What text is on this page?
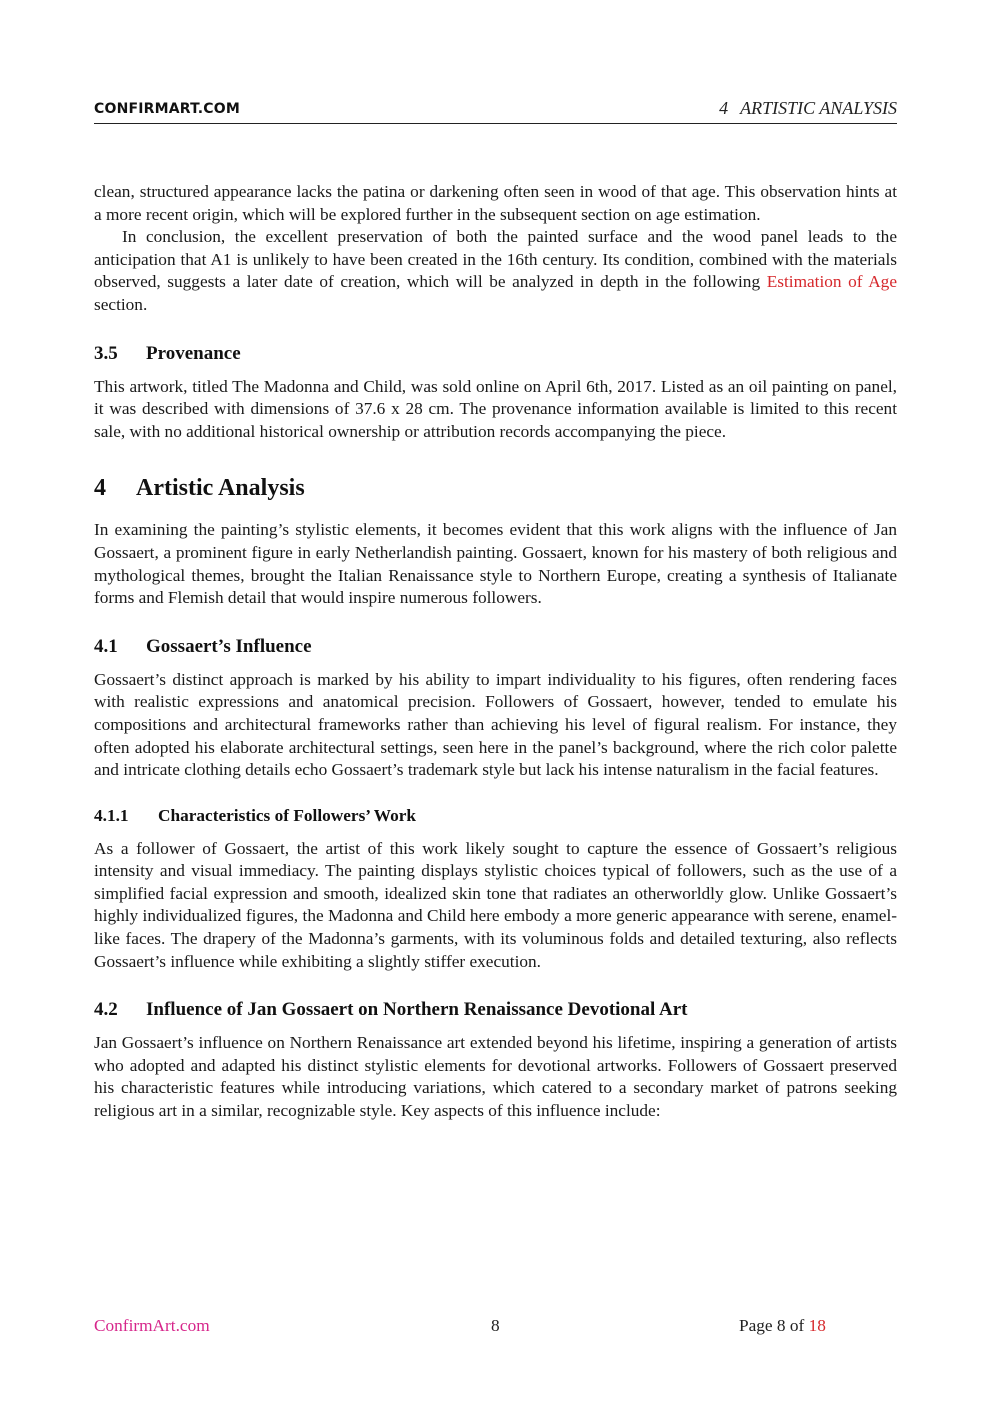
CONFIRMART.COM	4 ARTISTIC ANALYSIS

clean, structured appearance lacks the patina or darkening often seen in wood of that age. This observation hints at a more recent origin, which will be explored further in the subsequent section on age estimation.

In conclusion, the excellent preservation of both the painted surface and the wood panel leads to the anticipation that A1 is unlikely to have been created in the 16th century. Its condition, combined with the materials observed, suggests a later date of creation, which will be analyzed in depth in the following Estimation of Age section.

3.5 Provenance

This artwork, titled The Madonna and Child, was sold online on April 6th, 2017. Listed as an oil painting on panel, it was described with dimensions of 37.6 x 28 cm. The provenance information available is limited to this recent sale, with no additional historical ownership or attribution records accompanying the piece.

4 Artistic Analysis

In examining the painting’s stylistic elements, it becomes evident that this work aligns with the influence of Jan Gossaert, a prominent figure in early Netherlandish painting. Gossaert, known for his mastery of both religious and mythological themes, brought the Italian Renaissance style to Northern Europe, creating a synthesis of Italianate forms and Flemish detail that would inspire numerous followers.

4.1 Gossaert’s Influence

Gossaert’s distinct approach is marked by his ability to impart individuality to his figures, often rendering faces with realistic expressions and anatomical precision. Followers of Gossaert, however, tended to emulate his compositions and architectural frameworks rather than achieving his level of figural realism. For instance, they often adopted his elaborate architectural settings, seen here in the panel’s background, where the rich color palette and intricate clothing details echo Gossaert’s trademark style but lack his intense naturalism in the facial features.

4.1.1 Characteristics of Followers’ Work

As a follower of Gossaert, the artist of this work likely sought to capture the essence of Gossaert’s religious intensity and visual immediacy. The painting displays stylistic choices typical of followers, such as the use of a simplified facial expression and smooth, idealized skin tone that radiates an otherworldly glow. Unlike Gossaert’s highly individualized figures, the Madonna and Child here embody a more generic appearance with serene, enamel-like faces. The drapery of the Madonna’s garments, with its voluminous folds and detailed texturing, also reflects Gossaert’s influence while exhibiting a slightly stiffer execution.

4.2 Influence of Jan Gossaert on Northern Renaissance Devotional Art

Jan Gossaert’s influence on Northern Renaissance art extended beyond his lifetime, inspiring a generation of artists who adopted and adapted his distinct stylistic elements for devotional artworks. Followers of Gossaert preserved his characteristic features while introducing variations, which catered to a secondary market of patrons seeking religious art in a similar, recognizable style. Key aspects of this influence include:

ConfirmArt.com	8	Page 8 of 18
